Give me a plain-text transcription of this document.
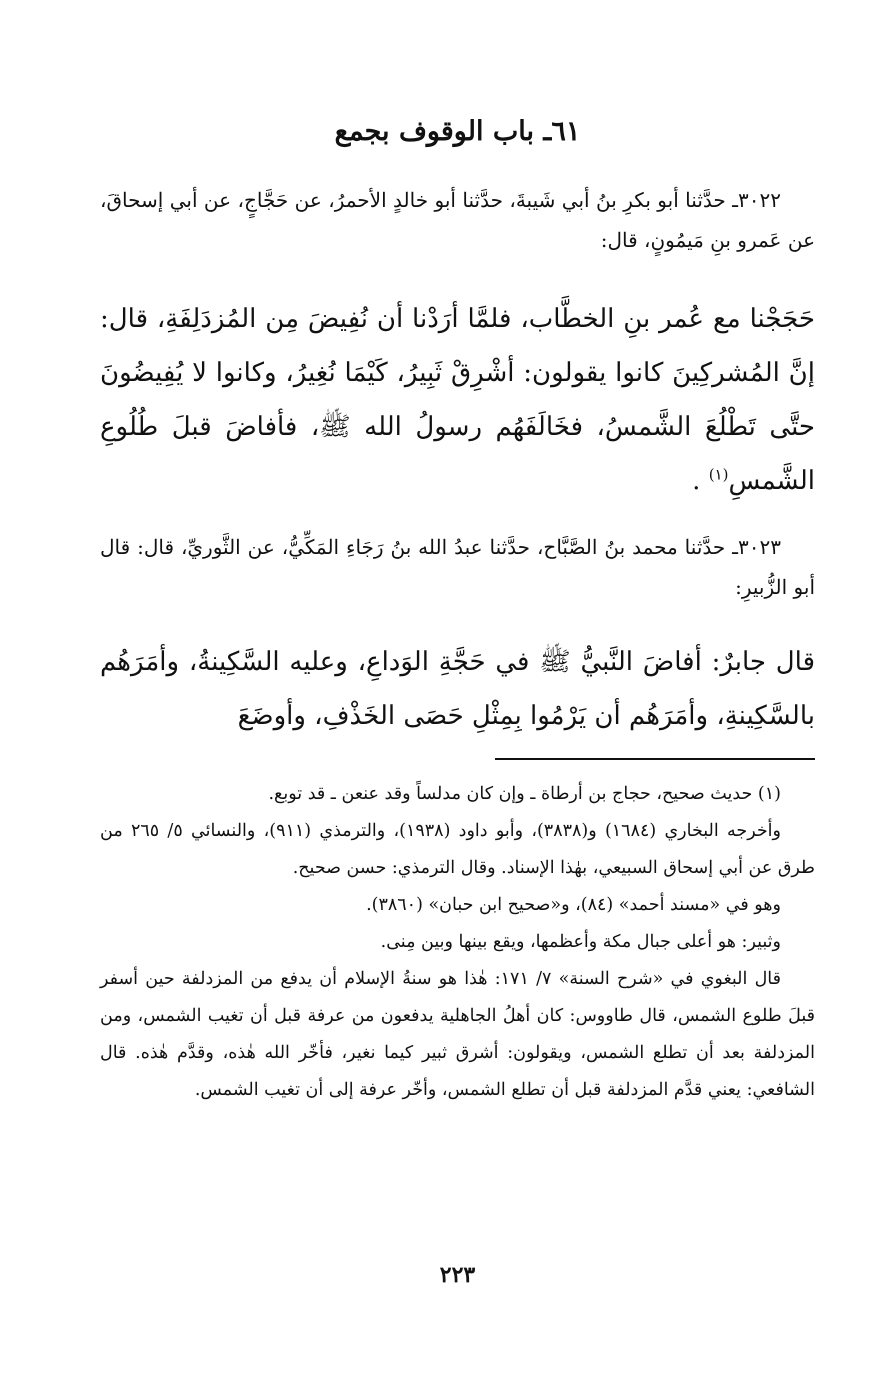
٦١ـ باب الوقوف بجمع

٣٠٢٢ـ حدَّثنا أبو بكرِ بنُ أبي شَيبةَ، حدَّثنا أبو خالدٍ الأحمرُ، عن حَجَّاجٍ، عن أبي إسحاقَ، عن عَمرو بنِ مَيمُونٍ، قال:

حَجَجْنا مع عُمر بنِ الخطَّاب، فلمَّا أرَدْنا أن نُفِيضَ مِن المُزدَلِفَةِ، قال: إنَّ المُشركِينَ كانوا يقولون: أشْرِقْ ثَبِيرُ، كَيْمَا نُغِيرُ، وكانوا لا يُفِيضُونَ حتَّى تَطْلُعَ الشَّمسُ، فخَالَفَهُم رسولُ الله ﷺ، فأفاضَ قبلَ طُلُوعِ الشَّمسِ$^{(١)}$ .

٣٠٢٣ـ حدَّثنا محمد بنُ الصَّبَّاح، حدَّثنا عبدُ الله بنُ رَجَاءِ المَكِّيُّ، عن الثَّوريِّ، قال: قال أبو الزُّبيرِ:

قال جابرٌ: أفاضَ النَّبيُّ ﷺ في حَجَّةِ الوَداعِ، وعليه السَّكِينةُ، وأمَرَهُم بالسَّكِينةِ، وأمَرَهُم أن يَرْمُوا بِمِثْلِ حَصَى الخَذْفِ، وأوضَعَ

(١) حديث صحيح، حجاج بن أرطاة ـ وإن كان مدلساً وقد عنعن ـ قد توبع.

وأخرجه البخاري (١٦٨٤) و(٣٨٣٨)، وأبو داود (١٩٣٨)، والترمذي (٩١١)، والنسائي ٥/ ٢٦٥ من طرق عن أبي إسحاق السبيعي، بهٰذا الإسناد. وقال الترمذي: حسن صحيح.

وهو في «مسند أحمد» (٨٤)، و«صحيح ابن حبان» (٣٨٦٠).

وثبير: هو أعلى جبال مكة وأعظمها، ويقع بينها وبين مِنى.

قال البغوي في «شرح السنة» ٧/ ١٧١: هٰذا هو سنةُ الإسلام أن يدفع من المزدلفة حين أسفر قبلَ طلوع الشمس، قال طاووس: كان أهلُ الجاهلية يدفعون من عرفة قبل أن تغيب الشمس، ومن المزدلفة بعد أن تطلع الشمس، ويقولون: أشرق ثبير كيما نغير، فأخّر الله هٰذه، وقدَّم هٰذه. قال الشافعي: يعني قدَّم المزدلفة قبل أن تطلع الشمس، وأخّر عرفة إلى أن تغيب الشمس.

٢٢٣
